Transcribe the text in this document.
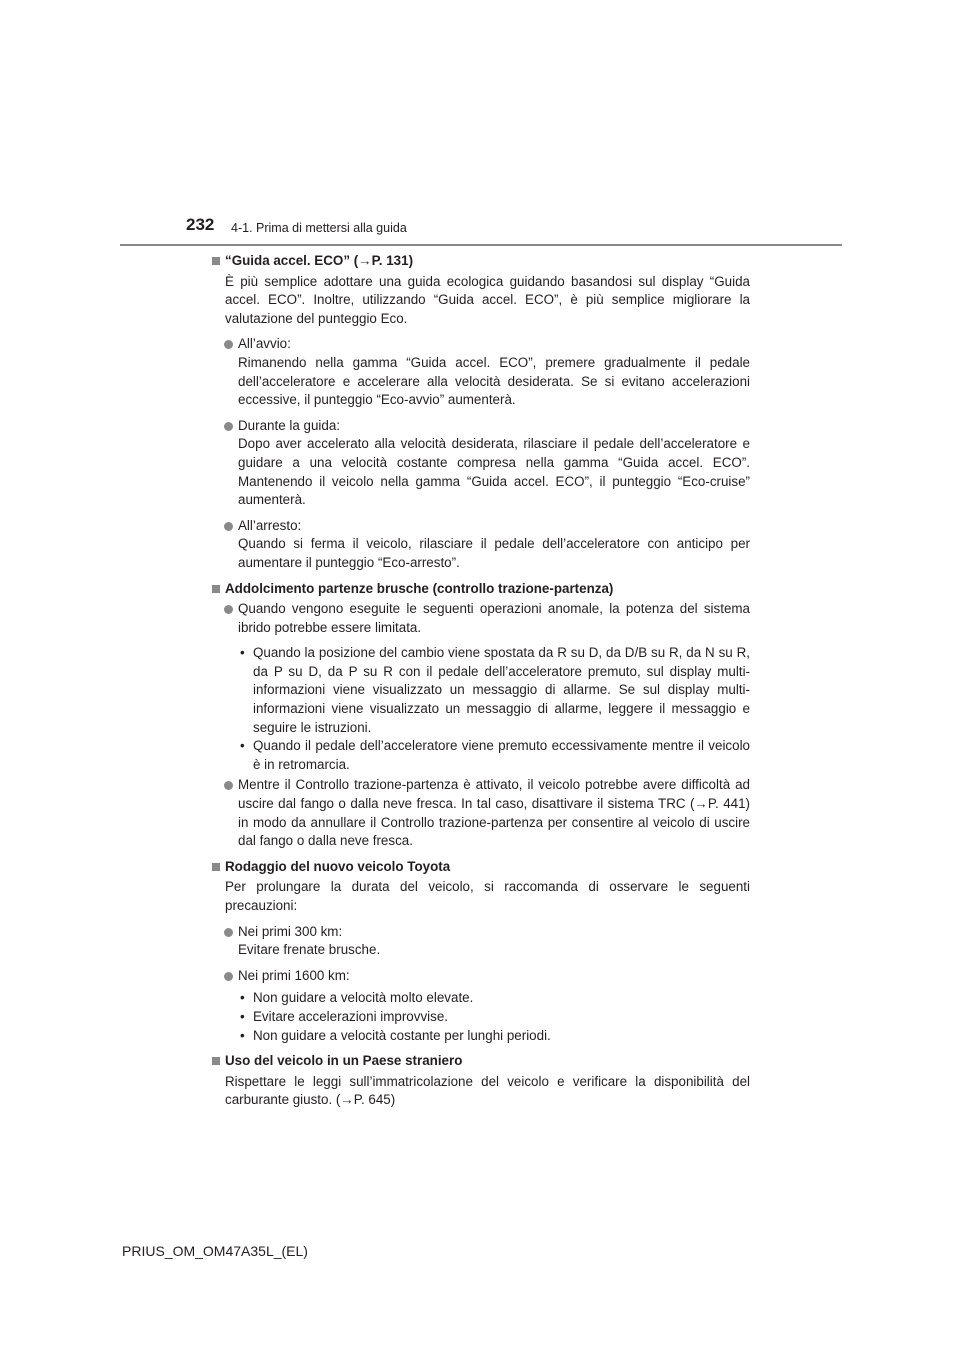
232 4-1. Prima di mettersi alla guida
“Guida accel. ECO” (→P. 131)
È più semplice adottare una guida ecologica guidando basandosi sul display “Guida accel. ECO”. Inoltre, utilizzando “Guida accel. ECO”, è più semplice migliorare la valutazione del punteggio Eco.
All’avvio:
Rimanendo nella gamma “Guida accel. ECO”, premere gradualmente il pedale dell’acceleratore e accelerare alla velocità desiderata. Se si evitano accelerazioni eccessive, il punteggio “Eco-avvio” aumenterà.
Durante la guida:
Dopo aver accelerato alla velocità desiderata, rilasciare il pedale dell’acceleratore e guidare a una velocità costante compresa nella gamma “Guida accel. ECO”. Mantenendo il veicolo nella gamma “Guida accel. ECO”, il punteggio “Eco-cruise” aumenterà.
All’arresto:
Quando si ferma il veicolo, rilasciare il pedale dell’acceleratore con anticipo per aumentare il punteggio “Eco-arresto”.
Addolcimento partenze brusche (controllo trazione-partenza)
Quando vengono eseguite le seguenti operazioni anomale, la potenza del sistema ibrido potrebbe essere limitata.
• Quando la posizione del cambio viene spostata da R su D, da D/B su R, da N su R, da P su D, da P su R con il pedale dell’acceleratore premuto, sul display multi-informazioni viene visualizzato un messaggio di allarme. Se sul display multi-informazioni viene visualizzato un messaggio di allarme, leggere il messaggio e seguire le istruzioni.
• Quando il pedale dell’acceleratore viene premuto eccessivamente mentre il veicolo è in retromarcia.
Mentre il Controllo trazione-partenza è attivato, il veicolo potrebbe avere difficoltà ad uscire dal fango o dalla neve fresca. In tal caso, disattivare il sistema TRC (→P. 441) in modo da annullare il Controllo trazione-partenza per consentire al veicolo di uscire dal fango o dalla neve fresca.
Rodaggio del nuovo veicolo Toyota
Per prolungare la durata del veicolo, si raccomanda di osservare le seguenti precauzioni:
Nei primi 300 km:
Evitare frenate brusche.
Nei primi 1600 km:
• Non guidare a velocità molto elevate.
• Evitare accelerazioni improvvise.
• Non guidare a velocità costante per lunghi periodi.
Uso del veicolo in un Paese straniero
Rispettare le leggi sull’immatricolazione del veicolo e verificare la disponibilità del carburante giusto. (→P. 645)
PRIUS_OM_OM47A35L_(EL)
